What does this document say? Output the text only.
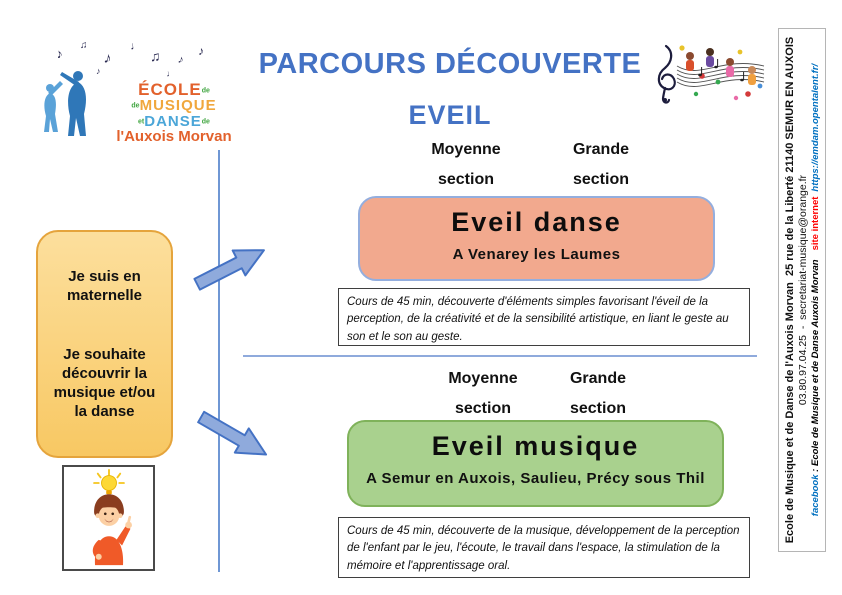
♪ ♫
♪
♩
♫ ♪
♪	♩
♪
ÉCOLEde
deMUSIQUE
etDANSEde
l'Auxois Morvan
PARCOURS DÉCOUVERTE
EVEIL	Ecole de Musique et de Danse de l'Auxois Morvan  25 rue de la Liberté 21140 SEMUR EN AUXOIS 03.80.97.04.25  -  secretariat-musique@orange.fr
facebook : Ecole de Musique et de Danse Auxois Morvansite internethttps://emdam.opentalent.fr/

Je suis en maternelle

Je souhaite découvrir la musique et/ou la danse

Moyenne
section
Grande
section
Eveil danse
A Venarey les Laumes
Cours de 45 min, découverte d'éléments simples favorisant l'éveil de la perception, de la créativité et de la sensibilité artistique, en liant le geste au son et le son au geste.
Moyenne
section
Grande
section
Eveil musique
A Semur en Auxois, Saulieu, Précy sous Thil
Cours de 45 min, découverte de la musique, développement de la perception de l'enfant par le jeu, l'écoute, le travail dans l'espace, la stimulation de la mémoire et l'apprentissage oral.
